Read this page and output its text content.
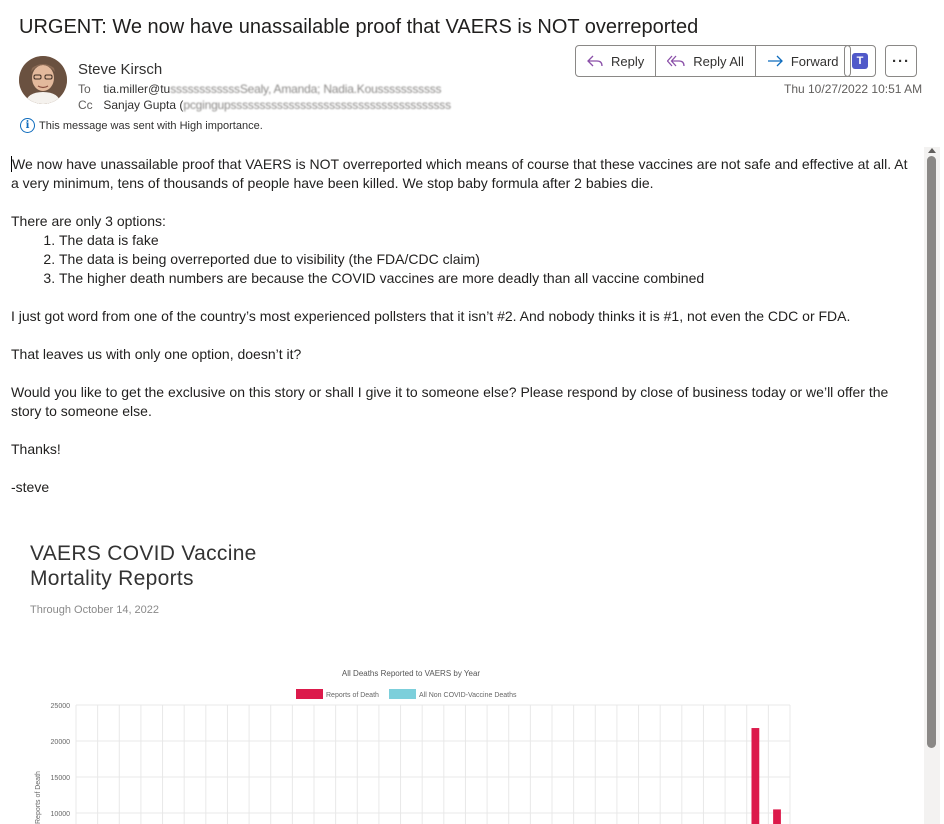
URGENT: We now have unassailable proof that VAERS is NOT overreported
Steve Kirsch
To tia.miller@tussssssssssssSealy, Amanda; Nadia.Kousssssssssss
Cc Sanjay Gupta (pcgingupssssssssssssssssssssssssssssssssssssss
i This message was sent with High importance.
Reply	Reply All	Forward	T	···
Thu 10/27/2022 10:51 AM

We now have unassailable proof that VAERS is NOT overreported which means of course that these vaccines are not safe and effective at all. At a very minimum, tens of thousands of people have been killed. We stop baby formula after 2 babies die.

There are only 3 options:
1. The data is fake
2. The data is being overreported due to visibility (the FDA/CDC claim)
3. The higher death numbers are because the COVID vaccines are more deadly than all vaccine combined

I just got word from one of the country’s most experienced pollsters that it isn’t #2. And nobody thinks it is #1, not even the CDC or FDA.

That leaves us with only one option, doesn’t it?

Would you like to get the exclusive on this story or shall I give it to someone else? Please respond by close of business today or we’ll offer the story to someone else.

Thanks!

-steve

VAERS COVID Vaccine
Mortality Reports
Through October 14, 2022
All Deaths Reported to VAERS by Year
Reports of Death	All Non COVID-Vaccine Deaths
25000
20000
15000
10000
Reports of Death
